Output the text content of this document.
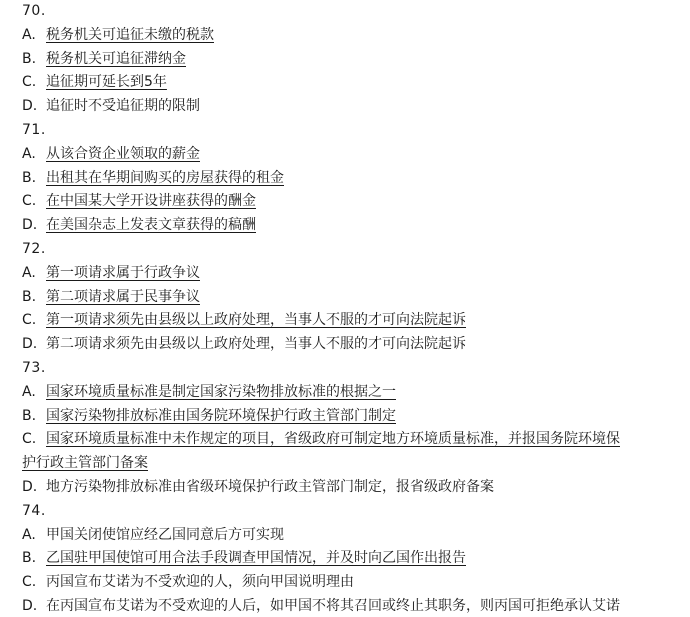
70.
A. 税务机关可追征未缴的税款
B. 税务机关可追征滞纳金
C. 追征期可延长到5年
D. 追征时不受追征期的限制
71.
A. 从该合资企业领取的薪金
B. 出租其在华期间购买的房屋获得的租金
C. 在中国某大学开设讲座获得的酬金
D. 在美国杂志上发表文章获得的稿酬
72.
A. 第一项请求属于行政争议
B. 第二项请求属于民事争议
C. 第一项请求须先由县级以上政府处理，当事人不服的才可向法院起诉
D. 第二项请求须先由县级以上政府处理，当事人不服的才可向法院起诉
73.
A. 国家环境质量标准是制定国家污染物排放标准的根据之一
B. 国家污染物排放标准由国务院环境保护行政主管部门制定
C. 国家环境质量标准中未作规定的项目，省级政府可制定地方环境质量标准，并报国务院环境保
护行政主管部门备案
D. 地方污染物排放标准由省级环境保护行政主管部门制定，报省级政府备案
74.
A. 甲国关闭使馆应经乙国同意后方可实现
B. 乙国驻甲国使馆可用合法手段调查甲国情况，并及时向乙国作出报告
C. 丙国宣布艾诺为不受欢迎的人，须向甲国说明理由
D. 在丙国宣布艾诺为不受欢迎的人后，如甲国不将其召回或终止其职务，则丙国可拒绝承认艾诺
